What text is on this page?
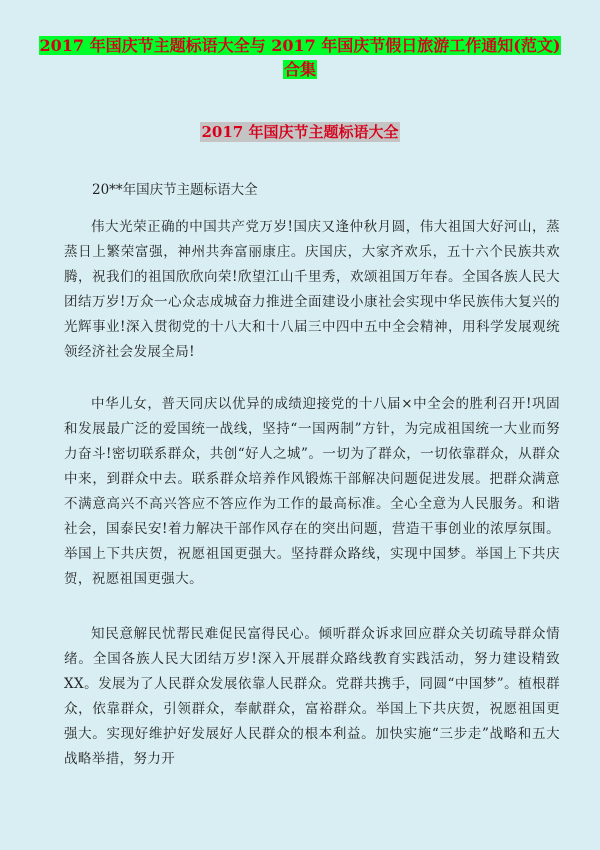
2017 年国庆节主题标语大全与 2017 年国庆节假日旅游工作通知(范文)
合集
2017 年国庆节主题标语大全
20**年国庆节主题标语大全
伟大光荣正确的中国共产党万岁!国庆又逢仲秋月圆，伟大祖国大好河山，蒸蒸日上繁荣富强，神州共奔富丽康庄。庆国庆，大家齐欢乐，五十六个民族共欢腾，祝我们的祖国欣欣向荣!欣望江山千里秀，欢颂祖国万年春。全国各族人民大团结万岁!万众一心众志成城奋力推进全面建设小康社会实现中华民族伟大复兴的光辉事业!深入贯彻党的十八大和十八届三中四中五中全会精神，用科学发展观统领经济社会发展全局!
中华儿女，普天同庆以优异的成绩迎接党的十八届×中全会的胜利召开!巩固和发展最广泛的爱国统一战线，坚持“一国两制”方针，为完成祖国统一大业而努力奋斗!密切联系群众，共创“好人之城”。一切为了群众，一切依靠群众，从群众中来，到群众中去。联系群众培养作风锻炼干部解决问题促进发展。把群众满意不满意高兴不高兴答应不答应作为工作的最高标准。全心全意为人民服务。和谐社会，国泰民安!着力解决干部作风存在的突出问题，营造干事创业的浓厚氛围。举国上下共庆贺，祝愿祖国更强大。坚持群众路线，实现中国梦。举国上下共庆贺，祝愿祖国更强大。
知民意解民忧帮民难促民富得民心。倾听群众诉求回应群众关切疏导群众情绪。全国各族人民大团结万岁!深入开展群众路线教育实践活动，努力建设精致XX。发展为了人民群众发展依靠人民群众。党群共携手，同圆“中国梦”。植根群众，依靠群众，引领群众，奉献群众，富裕群众。举国上下共庆贺，祝愿祖国更强大。实现好维护好发展好人民群众的根本利益。加快实施“三步走”战略和五大战略举措，努力开
